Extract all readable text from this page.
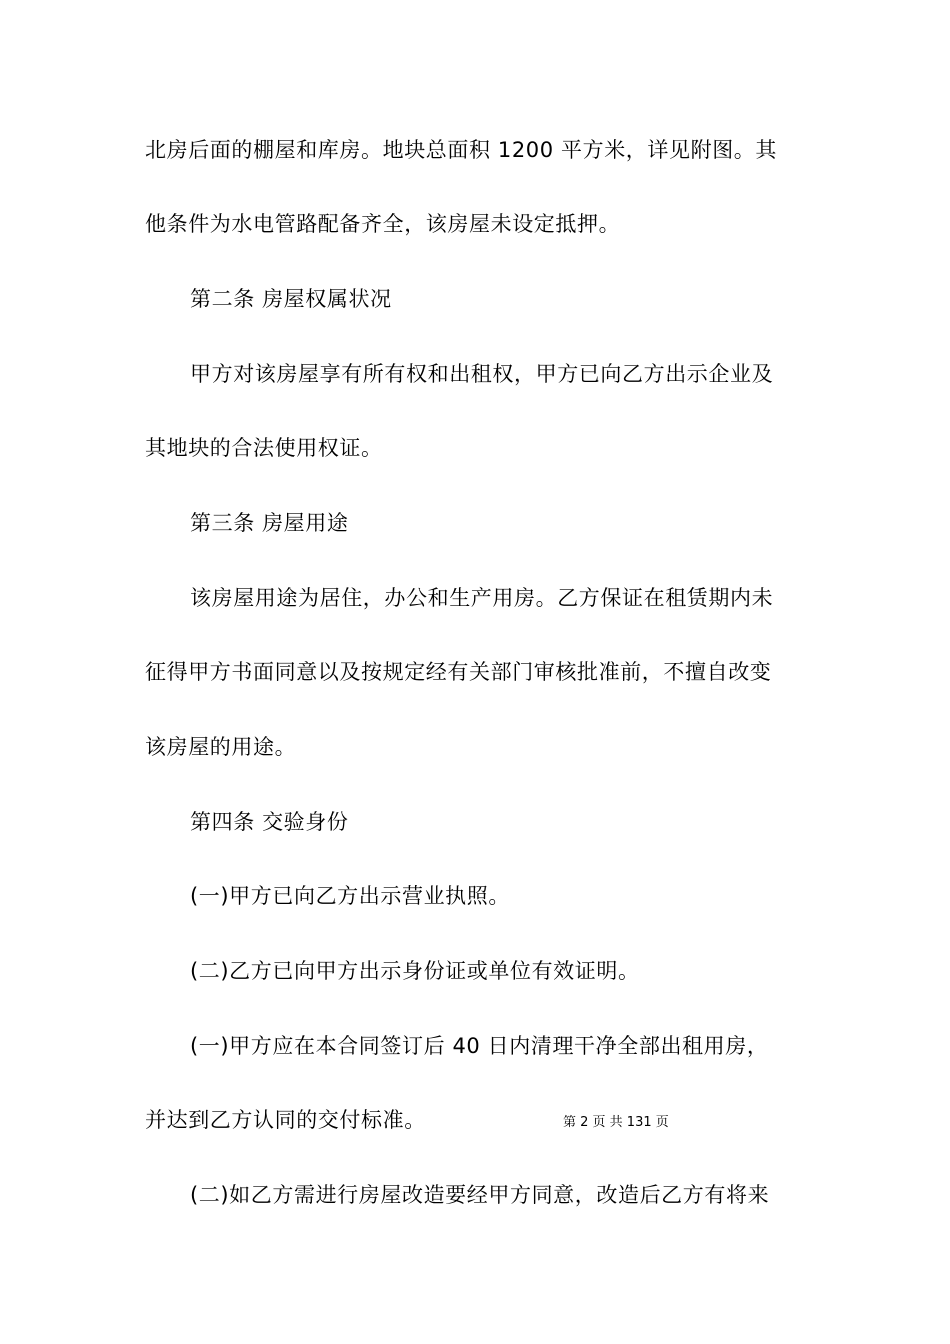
北房后面的棚屋和库房。地块总面积 1200 平方米，详见附图。其
他条件为水电管路配备齐全，该房屋未设定抵押。
第二条 房屋权属状况
甲方对该房屋享有所有权和出租权，甲方已向乙方出示企业及
其地块的合法使用权证。
第三条 房屋用途
该房屋用途为居住，办公和生产用房。乙方保证在租赁期内未
征得甲方书面同意以及按规定经有关部门审核批准前，不擅自改变
该房屋的用途。
第四条 交验身份
(一)甲方已向乙方出示营业执照。
(二)乙方已向甲方出示身份证或单位有效证明。
(一)甲方应在本合同签订后 40 日内清理干净全部出租用房，
并达到乙方认同的交付标准。	第 2 页 共 131 页
(二)如乙方需进行房屋改造要经甲方同意，改造后乙方有将来
